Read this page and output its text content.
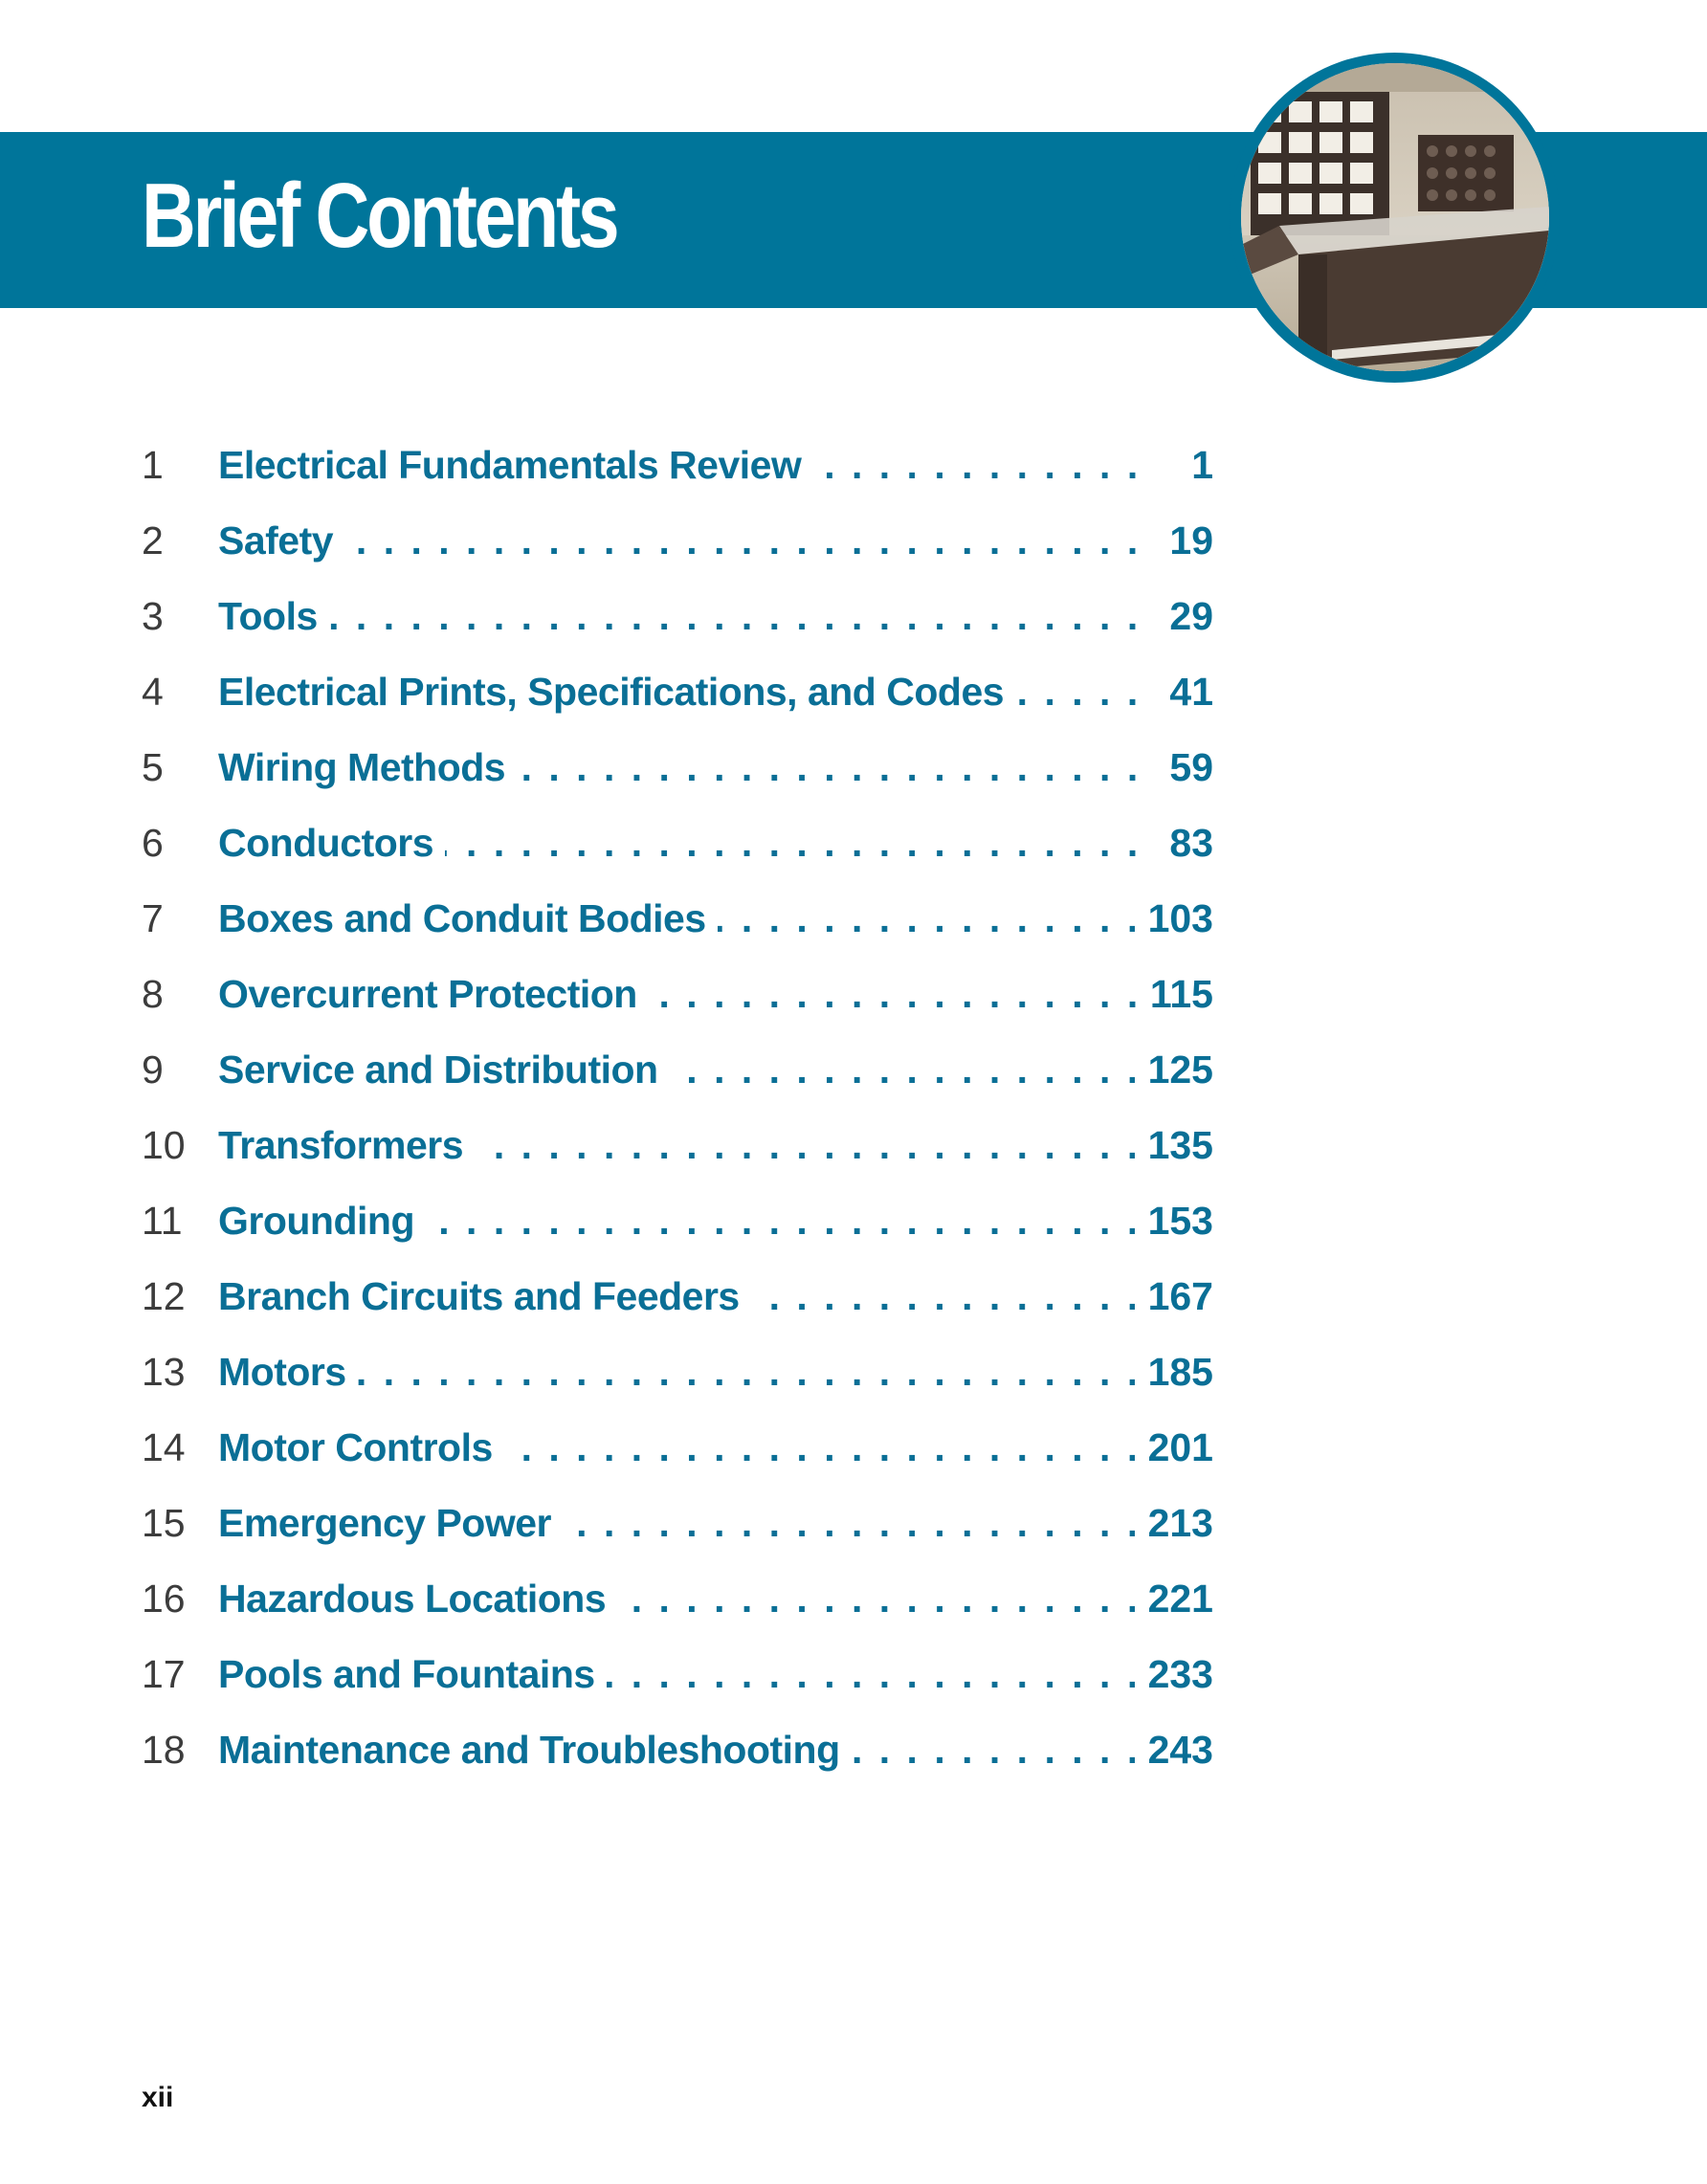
Brief Contents
1	Electrical Fundamentals Review . . .	1
2	Safety . . .	19
3	Tools . . .	29
4	Electrical Prints, Specifications, and Codes . . .	41
5	Wiring Methods . . .	59
6	Conductors . . .	83
7	Boxes and Conduit Bodies . . .	103
8	Overcurrent Protection . . .	115
9	Service and Distribution . . .	125
10 Transformers . . .	135
11 Grounding . . .	153
12 Branch Circuits and Feeders . . .	167
13 Motors . . .	185
14 Motor Controls . . .	201
15 Emergency Power . . .	213
16 Hazardous Locations . . .	221
17 Pools and Fountains . . .	233
18 Maintenance and Troubleshooting . . .	243

xii
